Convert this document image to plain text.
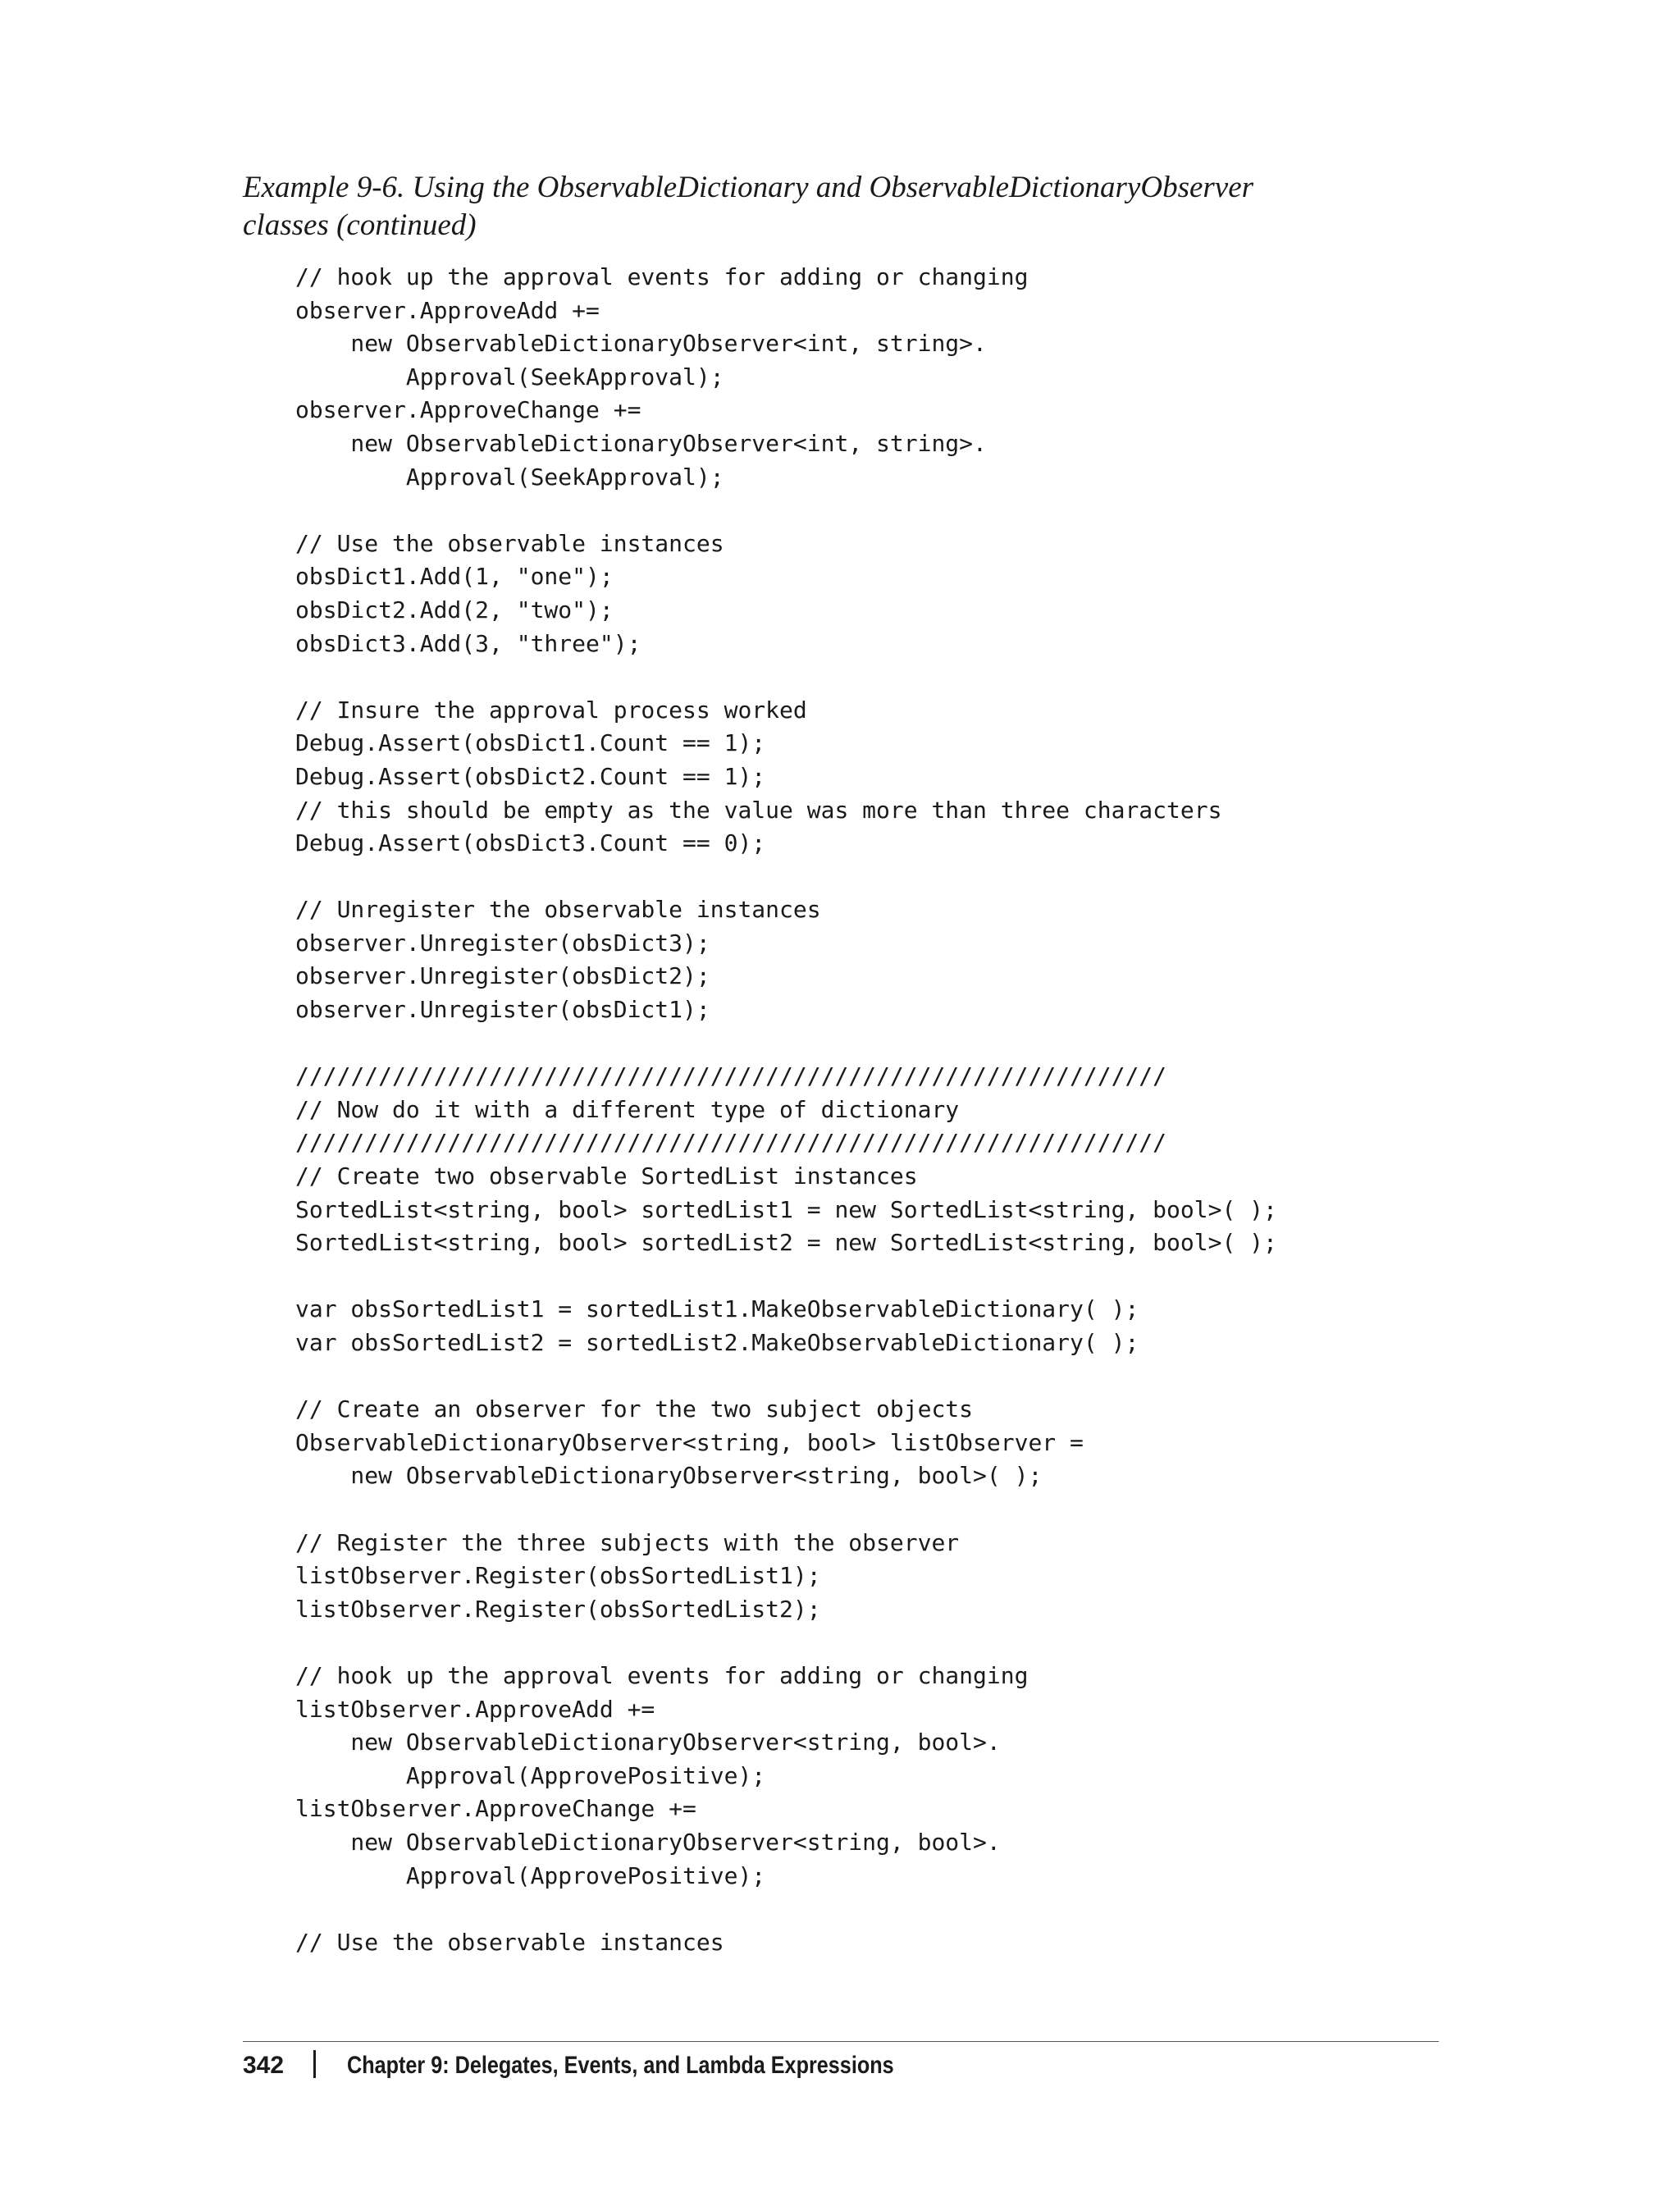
Example 9-6. Using the ObservableDictionary and ObservableDictionaryObserver
classes (continued)
// hook up the approval events for adding or changing
observer.ApproveAdd +=
new ObservableDictionaryObserver<int, string>.
Approval(SeekApproval);
observer.ApproveChange +=
new ObservableDictionaryObserver<int, string>.
Approval(SeekApproval);
// Use the observable instances
obsDict1.Add(1, "one");
obsDict2.Add(2, "two");
obsDict3.Add(3, "three");
// Insure the approval process worked
Debug.Assert(obsDict1.Count == 1);
Debug.Assert(obsDict2.Count == 1);
// this should be empty as the value was more than three characters
Debug.Assert(obsDict3.Count == 0);
// Unregister the observable instances
observer.Unregister(obsDict3);
observer.Unregister(obsDict2);
observer.Unregister(obsDict1);
///////////////////////////////////////////////////////////////
// Now do it with a different type of dictionary
///////////////////////////////////////////////////////////////
// Create two observable SortedList instances
SortedList<string, bool> sortedList1 = new SortedList<string, bool>( );
SortedList<string, bool> sortedList2 = new SortedList<string, bool>( );
var obsSortedList1 = sortedList1.MakeObservableDictionary( );
var obsSortedList2 = sortedList2.MakeObservableDictionary( );
// Create an observer for the two subject objects
ObservableDictionaryObserver<string, bool> listObserver =
new ObservableDictionaryObserver<string, bool>( );
// Register the three subjects with the observer
listObserver.Register(obsSortedList1);
listObserver.Register(obsSortedList2);
// hook up the approval events for adding or changing
listObserver.ApproveAdd +=
new ObservableDictionaryObserver<string, bool>.
Approval(ApprovePositive);
listObserver.ApproveChange +=
new ObservableDictionaryObserver<string, bool>.
Approval(ApprovePositive);
// Use the observable instances
342	Chapter 9: Delegates, Events, and Lambda Expressions
